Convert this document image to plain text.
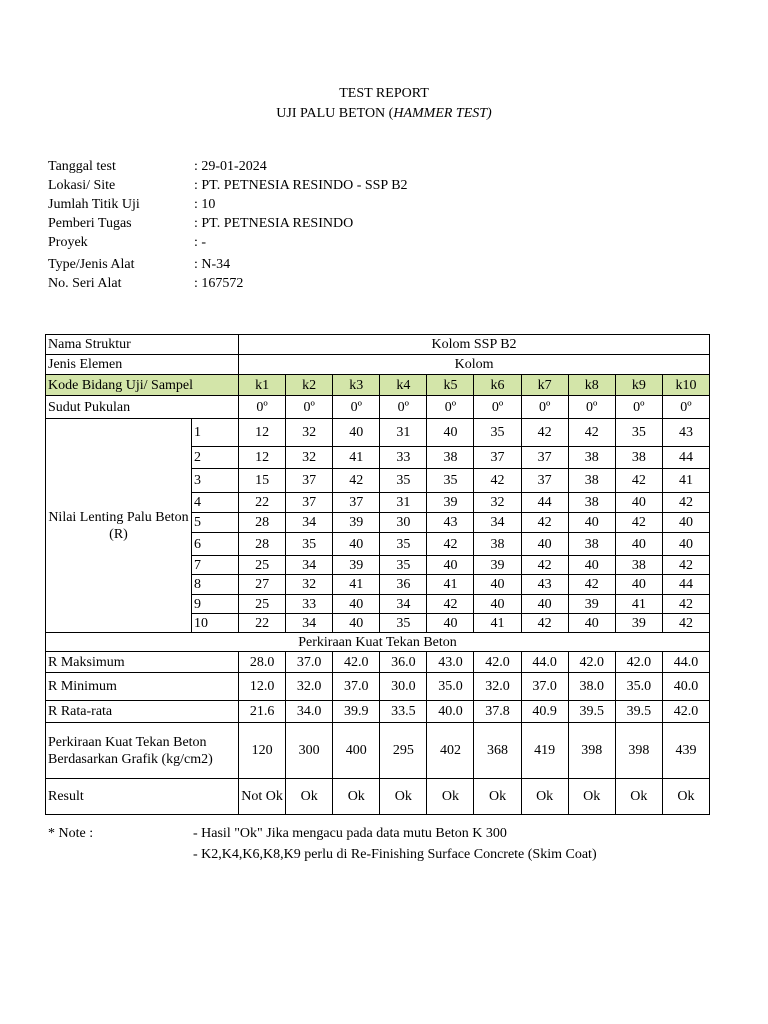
TEST REPORT
UJI PALU BETON (HAMMER TEST)
Tanggal test	: 29-01-2024
Lokasi/ Site	: PT. PETNESIA RESINDO - SSP B2
Jumlah Titik Uji	: 10
Pemberi Tugas	: PT. PETNESIA RESINDO
Proyek	: -
Type/Jenis Alat	: N-34
No. Seri Alat	: 167572
Nama Struktur		Kolom SSP B2									
Jenis Elemen		Kolom									
Kode Bidang Uji/ Sampel		k1	k2	k3	k4	k5	k6	k7	k8	k9	k10
Sudut Pukulan		0º	0º	0º	0º	0º	0º	0º	0º	0º	0º
Nilai Lenting Palu Beton (R)	1	12	32	40	31	40	35	42	42	35	43
	2	12	32	41	33	38	37	37	38	38	44
	3	15	37	42	35	35	42	37	38	42	41
	4	22	37	37	31	39	32	44	38	40	42
	5	28	34	39	30	43	34	42	40	42	40
	6	28	35	40	35	42	38	40	38	40	40
	7	25	34	39	35	40	39	42	40	38	42
	8	27	32	41	36	41	40	43	42	40	44
	9	25	33	40	34	42	40	40	39	41	42
	10	22	34	40	35	40	41	42	40	39	42
Perkiraan Kuat Tekan Beton											
R Maksimum		28.0	37.0	42.0	36.0	43.0	42.0	44.0	42.0	42.0	44.0
R Minimum		12.0	32.0	37.0	30.0	35.0	32.0	37.0	38.0	35.0	40.0
R Rata-rata		21.6	34.0	39.9	33.5	40.0	37.8	40.9	39.5	39.5	42.0

Perkiraan Kuat Tekan Beton
Berdasarkan Grafik (kg/cm2)		120	300	400	295	402	368	419	398	398	439
Result		Not Ok	Ok	Ok	Ok	Ok	Ok	Ok	Ok	Ok	Ok
* Note :	- Hasil "Ok" Jika mengacu pada data mutu Beton K 300
- K2,K4,K6,K8,K9 perlu di Re-Finishing Surface Concrete (Skim Coat)
